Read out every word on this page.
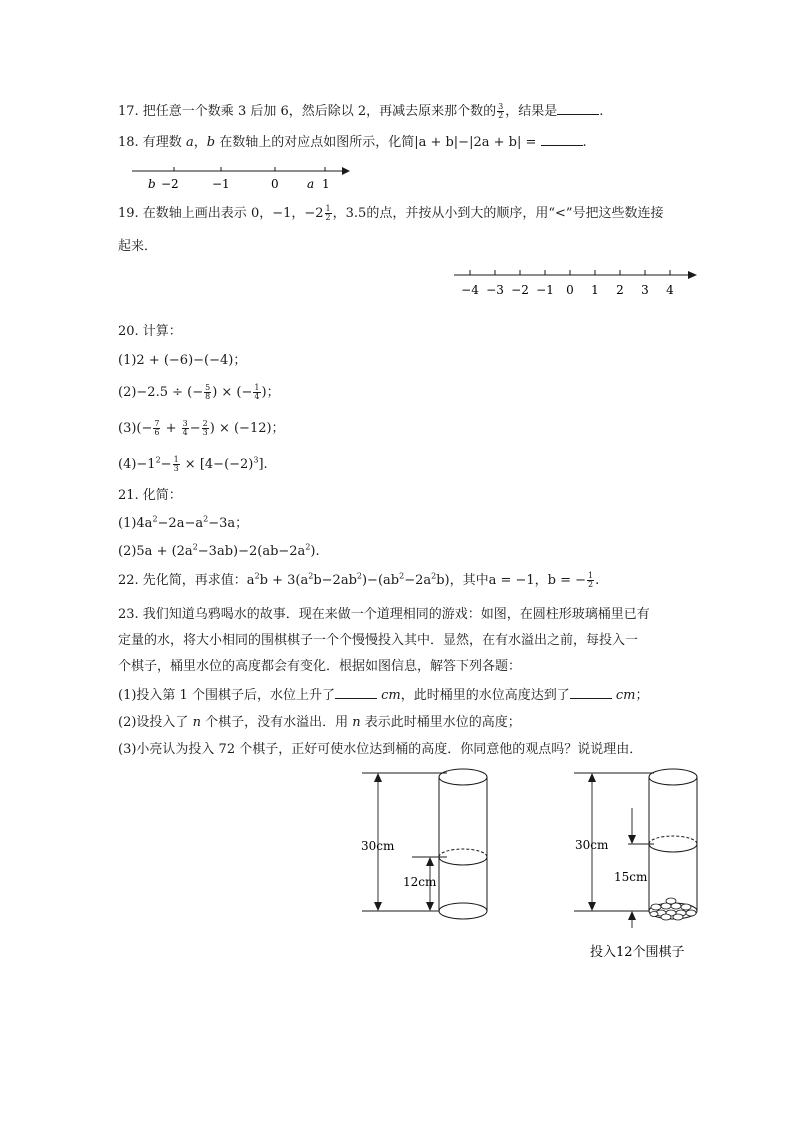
17. 把任意一个数乘 3 后加 6，然后除以 2，再减去原来那个数的 $\frac{3}{2}$ ，结果是	.
18. 有理数 a，b 在数轴上的对应点如图所示，化简|a + b|−|2a + b| =	.
b −2	−1	0 a 1
19. 在数轴上画出表示 0，−1，$-2 \frac{1}{2}$ ，3.5的点，并按从小到大的顺序，用“<”号把这些数连接
起来．
−4 −3 −2 −1 0 1 2 3 4
20. 计算：
(1)2 + (−6)−(−4)；
(2)−2.5 ÷ (− $\frac{5}{8}$ ) × (− $\frac{1}{4}$ )；
$(3)(- \frac{7}{6} + \frac{3}{4} - \frac{2}{3}$ ) × (−12)；
$(4)-1^2- \frac{1}{3} \times [4-(-2)^3]$.
21. 化简：
$(1)4a^2-2a-a^2-3a$；
$(2)5a + (2a^2-3ab)-2(ab-2a^2)$.
22. 先化简，再求值：$a^2b + 3(a^2b-2ab^2)-(ab^2-2a^2b)$，其中a = −1，b = − $\frac{1}{2}$ .
23. 我们知道乌鸦喝水的故事．现在来做一个道理相同的游戏：如图，在圆柱形玻璃桶里已有
定量的水，将大小相同的围棋棋子一个个慢慢投入其中．显然，在有水溢出之前，每投入一
个棋子，桶里水位的高度都会有变化．根据如图信息，解答下列各题：
(1)投入第 1 个围棋子后，水位上升了	cm，此时桶里的水位高度达到了	cm；
(2)设投入了 n 个棋子，没有水溢出．用 n 表示此时桶里水位的高度；
(3)小亮认为投入 72 个棋子，正好可使水位达到桶的高度．你同意他的观点吗？说说理由．
30cm
12cm
30cm
15cm
投入12个围棋子
